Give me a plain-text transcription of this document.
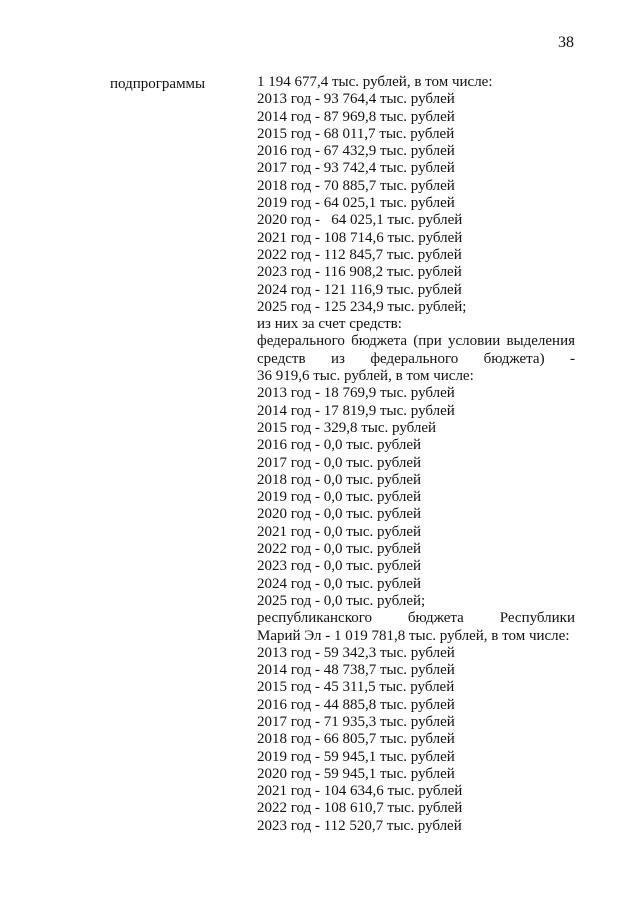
38
подпрограммы	1 194 677,4 тыс. рублей, в том числе:
2013 год - 93 764,4 тыс. рублей
2014 год - 87 969,8 тыс. рублей
2015 год - 68 011,7 тыс. рублей
2016 год - 67 432,9 тыс. рублей
2017 год - 93 742,4 тыс. рублей
2018 год - 70 885,7 тыс. рублей
2019 год - 64 025,1 тыс. рублей
2020 год -   64 025,1 тыс. рублей
2021 год - 108 714,6 тыс. рублей
2022 год - 112 845,7 тыс. рублей
2023 год - 116 908,2 тыс. рублей
2024 год - 121 116,9 тыс. рублей
2025 год - 125 234,9 тыс. рублей;
из них за счет средств:
федерального бюджета (при условии выделения
средств из федерального бюджета) -
36 919,6 тыс. рублей, в том числе:
2013 год - 18 769,9 тыс. рублей
2014 год - 17 819,9 тыс. рублей
2015 год - 329,8 тыс. рублей
2016 год - 0,0 тыс. рублей
2017 год - 0,0 тыс. рублей
2018 год - 0,0 тыс. рублей
2019 год - 0,0 тыс. рублей
2020 год - 0,0 тыс. рублей
2021 год - 0,0 тыс. рублей
2022 год - 0,0 тыс. рублей
2023 год - 0,0 тыс. рублей
2024 год - 0,0 тыс. рублей
2025 год - 0,0 тыс. рублей;
республиканского бюджета Республики
Марий Эл - 1 019 781,8 тыс. рублей, в том числе:
2013 год - 59 342,3 тыс. рублей
2014 год - 48 738,7 тыс. рублей
2015 год - 45 311,5 тыс. рублей
2016 год - 44 885,8 тыс. рублей
2017 год - 71 935,3 тыс. рублей
2018 год - 66 805,7 тыс. рублей
2019 год - 59 945,1 тыс. рублей
2020 год - 59 945,1 тыс. рублей
2021 год - 104 634,6 тыс. рублей
2022 год - 108 610,7 тыс. рублей
2023 год - 112 520,7 тыс. рублей
